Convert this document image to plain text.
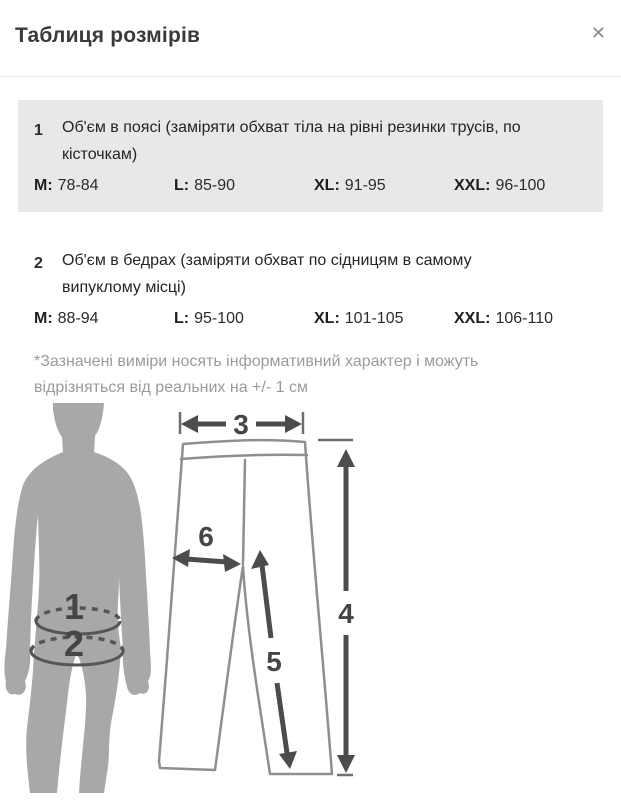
Таблиця розмірів	✕
1	Об'єм в поясі (заміряти обхват тіла на рівні резинки трусів, по
кісточкам)
M: 78-84	L: 85-90	XL: 91-95	XXL: 96-100
2	Об'єм в бедрах (заміряти обхват по сідницям в самому
випуклому місці)
M: 88-94	L: 95-100	XL: 101-105	XXL: 106-110
*Зазначені виміри носять інформативний характер і можуть
відрізняться від реальних на +/- 1 см
1
2
3
4
5
6
